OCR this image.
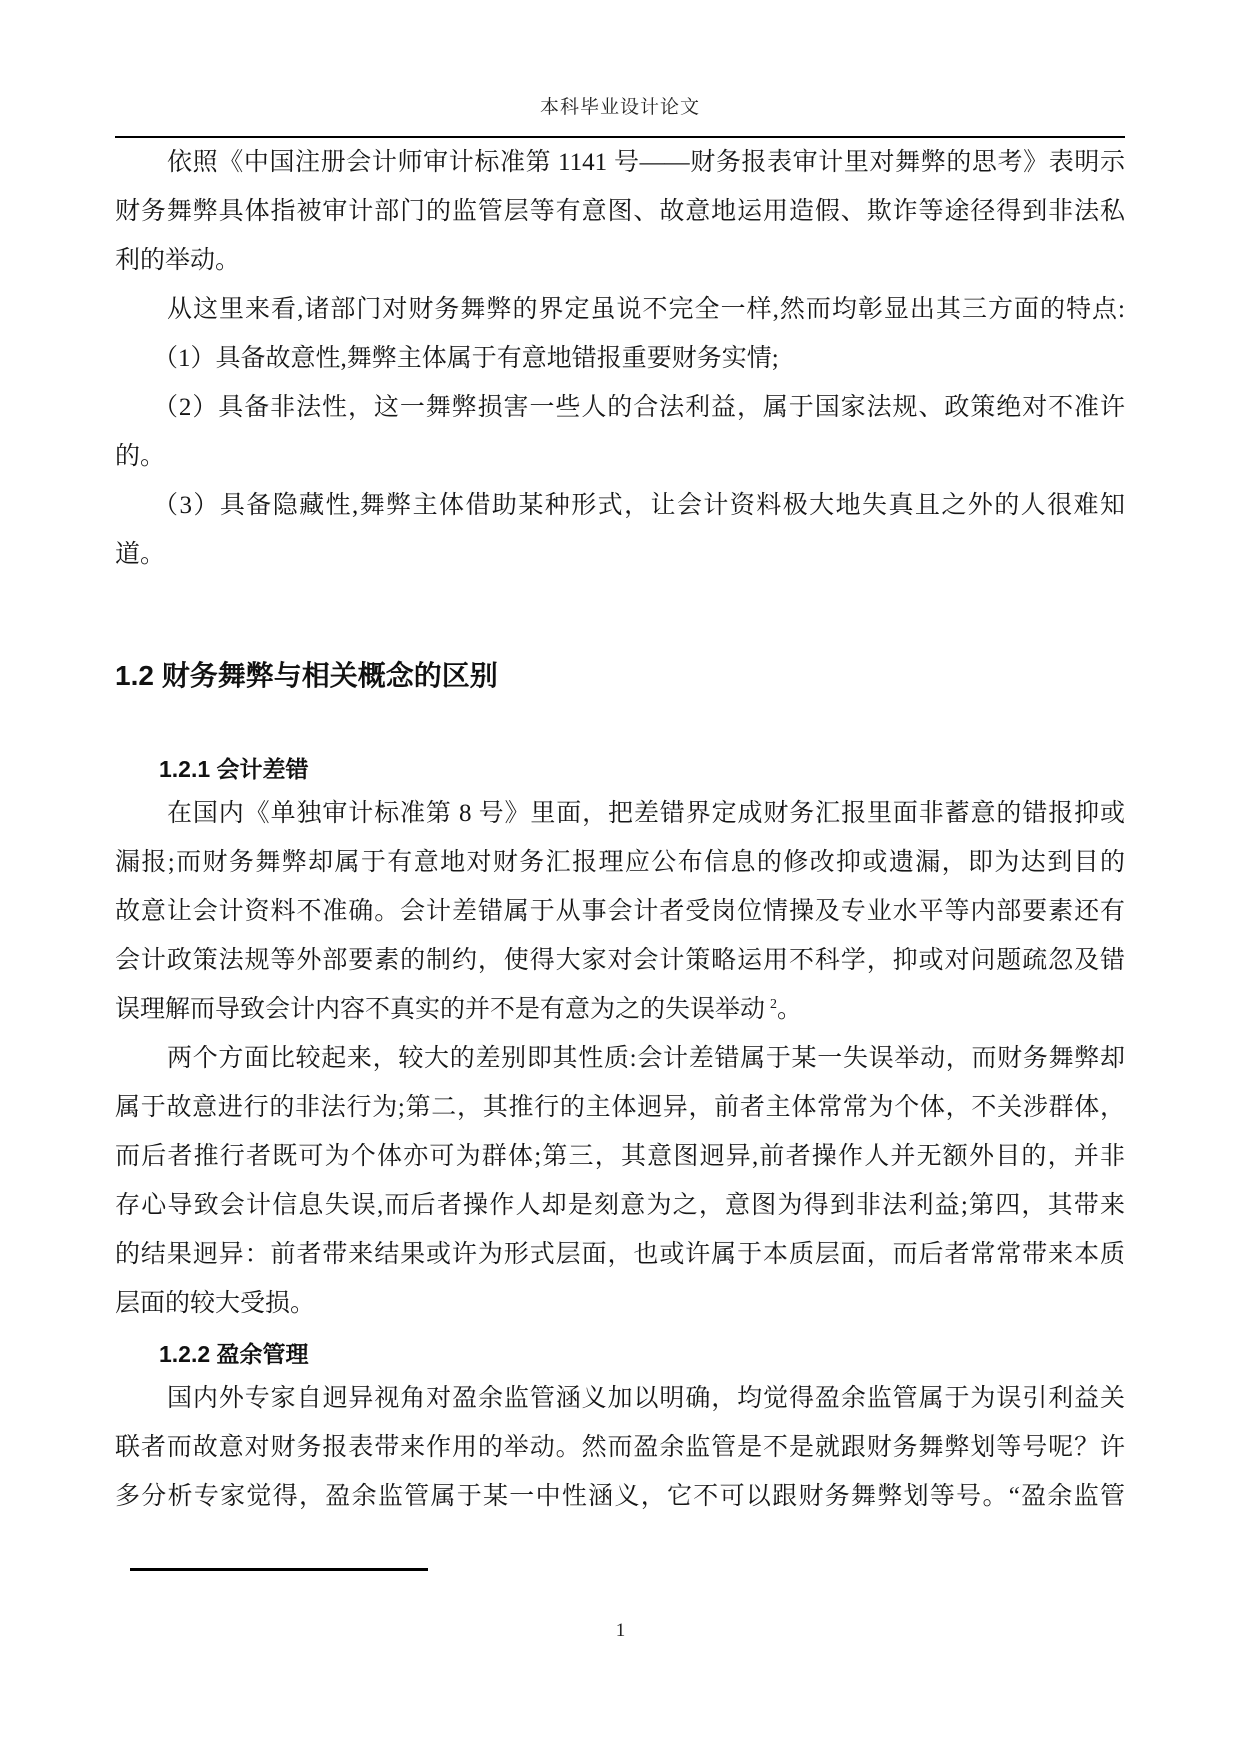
本科毕业设计论文
依照《中国注册会计师审计标准第 1141 号——财务报表审计里对舞弊的思考》表明示
财务舞弊具体指被审计部门的监管层等有意图、故意地运用造假、欺诈等途径得到非法私
利的举动。
从这里来看,诸部门对财务舞弊的界定虽说不完全一样,然而均彰显出其三方面的特点:
（1）具备故意性,舞弊主体属于有意地错报重要财务实情;
（2）具备非法性，这一舞弊损害一些人的合法利益，属于国家法规、政策绝对不准许
的。
（3）具备隐藏性,舞弊主体借助某种形式，让会计资料极大地失真且之外的人很难知
道。
1.2 财务舞弊与相关概念的区别
1.2.1 会计差错
在国内《单独审计标准第 8 号》里面，把差错界定成财务汇报里面非蓄意的错报抑或
漏报;而财务舞弊却属于有意地对财务汇报理应公布信息的修改抑或遗漏，即为达到目的
故意让会计资料不准确。会计差错属于从事会计者受岗位情操及专业水平等内部要素还有
会计政策法规等外部要素的制约，使得大家对会计策略运用不科学，抑或对问题疏忽及错
误理解而导致会计内容不真实的并不是有意为之的失误举动 $^2$。
两个方面比较起来，较大的差别即其性质:会计差错属于某一失误举动，而财务舞弊却
属于故意进行的非法行为;第二，其推行的主体迥异，前者主体常常为个体，不关涉群体，
而后者推行者既可为个体亦可为群体;第三，其意图迥异,前者操作人并无额外目的，并非
存心导致会计信息失误,而后者操作人却是刻意为之，意图为得到非法利益;第四，其带来
的结果迥异：前者带来结果或许为形式层面，也或许属于本质层面，而后者常常带来本质
层面的较大受损。
1.2.2 盈余管理
国内外专家自迥异视角对盈余监管涵义加以明确，均觉得盈余监管属于为误引利益关
联者而故意对财务报表带来作用的举动。然而盈余监管是不是就跟财务舞弊划等号呢？许
多分析专家觉得，盈余监管属于某一中性涵义，它不可以跟财务舞弊划等号。“盈余监管
1
